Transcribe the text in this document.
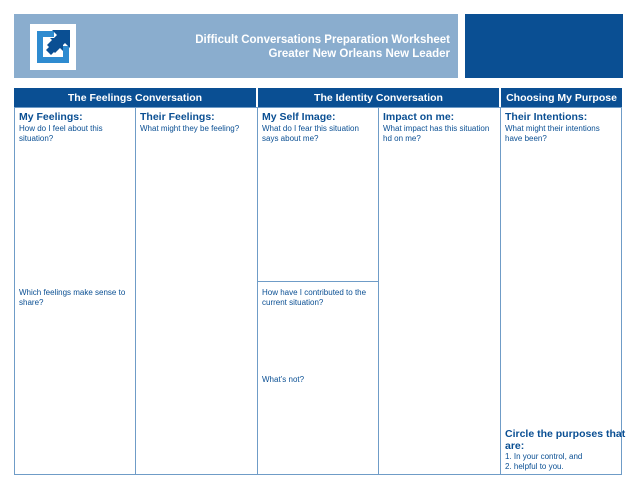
Difficult Conversations Preparation Worksheet
Greater New Orleans New Leader
The Feelings Conversation	The Identity Conversation	Choosing My Purpose
My Feelings:
How do I feel about this
situation?
Which feelings make sense to
share?
Their Feelings:
What might they be feeling?
My Self Image:
What do I fear this situation
says about me?
How have I contributed to the
current situation?
What’s not?
Impact on me:
What impact has this situation
hd on me?
Their Intentions:
What might their intentions
have been?
Circle the purposes that
are:
1. In your control, and
2. helpful to you.
